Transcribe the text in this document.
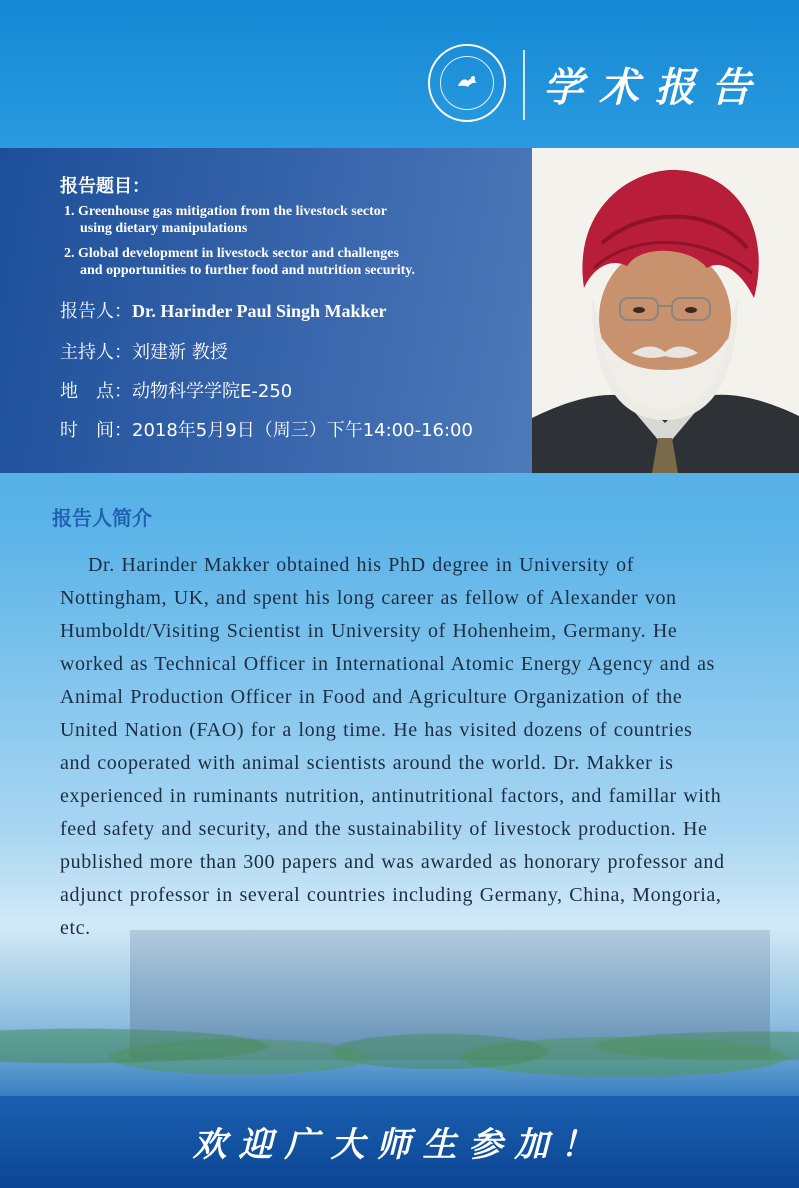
学术报告
报告题目：
1. Greenhouse gas mitigation from the livestock sector
using dietary manipulations
2. Global development in livestock sector and challenges
and opportunities to further food and nutrition security.
报告人：Dr. Harinder Paul Singh Makker
主持人：刘建新 教授
地　点：动物科学学院E-250
时　间：2018年5月9日（周三）下午14:00-16:00
报告人简介
Dr. Harinder Makker obtained his PhD degree in University of Nottingham, UK, and spent his long career as fellow of Alexander von Humboldt/Visiting Scientist in University of Hohenheim, Germany. He worked as Technical Officer in International Atomic Energy Agency and as Animal Production Officer in Food and Agriculture Organization of the United Nation (FAO) for a long time. He has visited dozens of countries and cooperated with animal scientists around the world. Dr. Makker is experienced in ruminants nutrition, antinutritional factors, and famillar with feed safety and security, and the sustainability of livestock production. He published more than 300 papers and was awarded as honorary professor and adjunct professor in several countries including Germany, China, Mongoria, etc.
欢迎广大师生参加！
